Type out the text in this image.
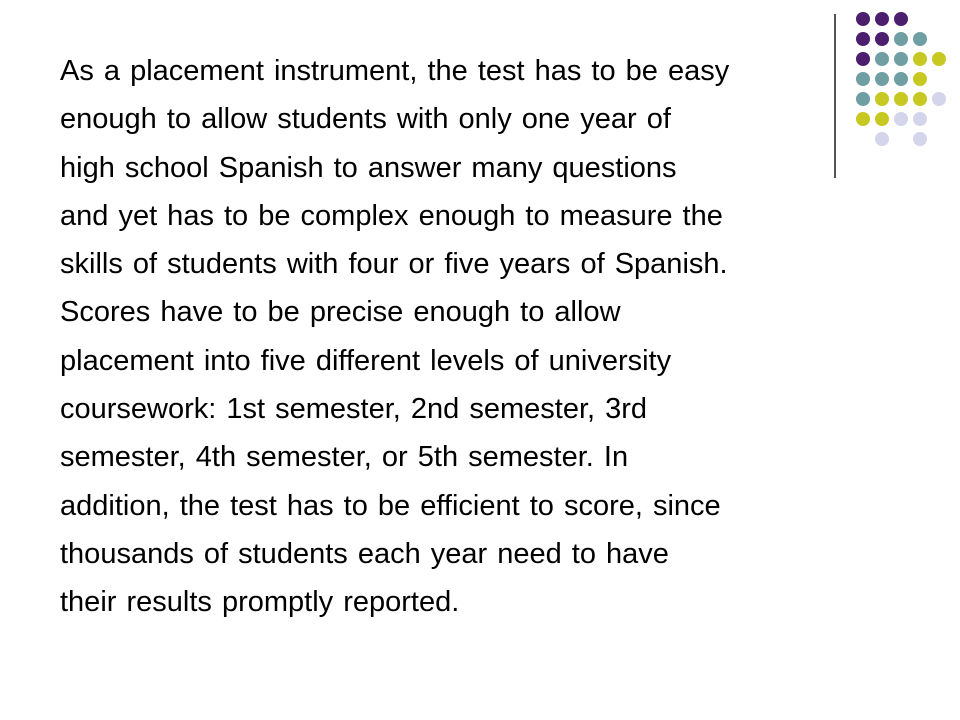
As a placement instrument, the test has to be easy
enough to allow students with only one year of
high school Spanish to answer many questions
and yet has to be complex enough to measure the
skills of students with four or five years of Spanish.
Scores have to be precise enough to allow
placement into five different levels of university
coursework: 1st semester, 2nd semester, 3rd
semester, 4th semester, or 5th semester. In
addition, the test has to be efficient to score, since
thousands of students each year need to have
their results promptly reported.
